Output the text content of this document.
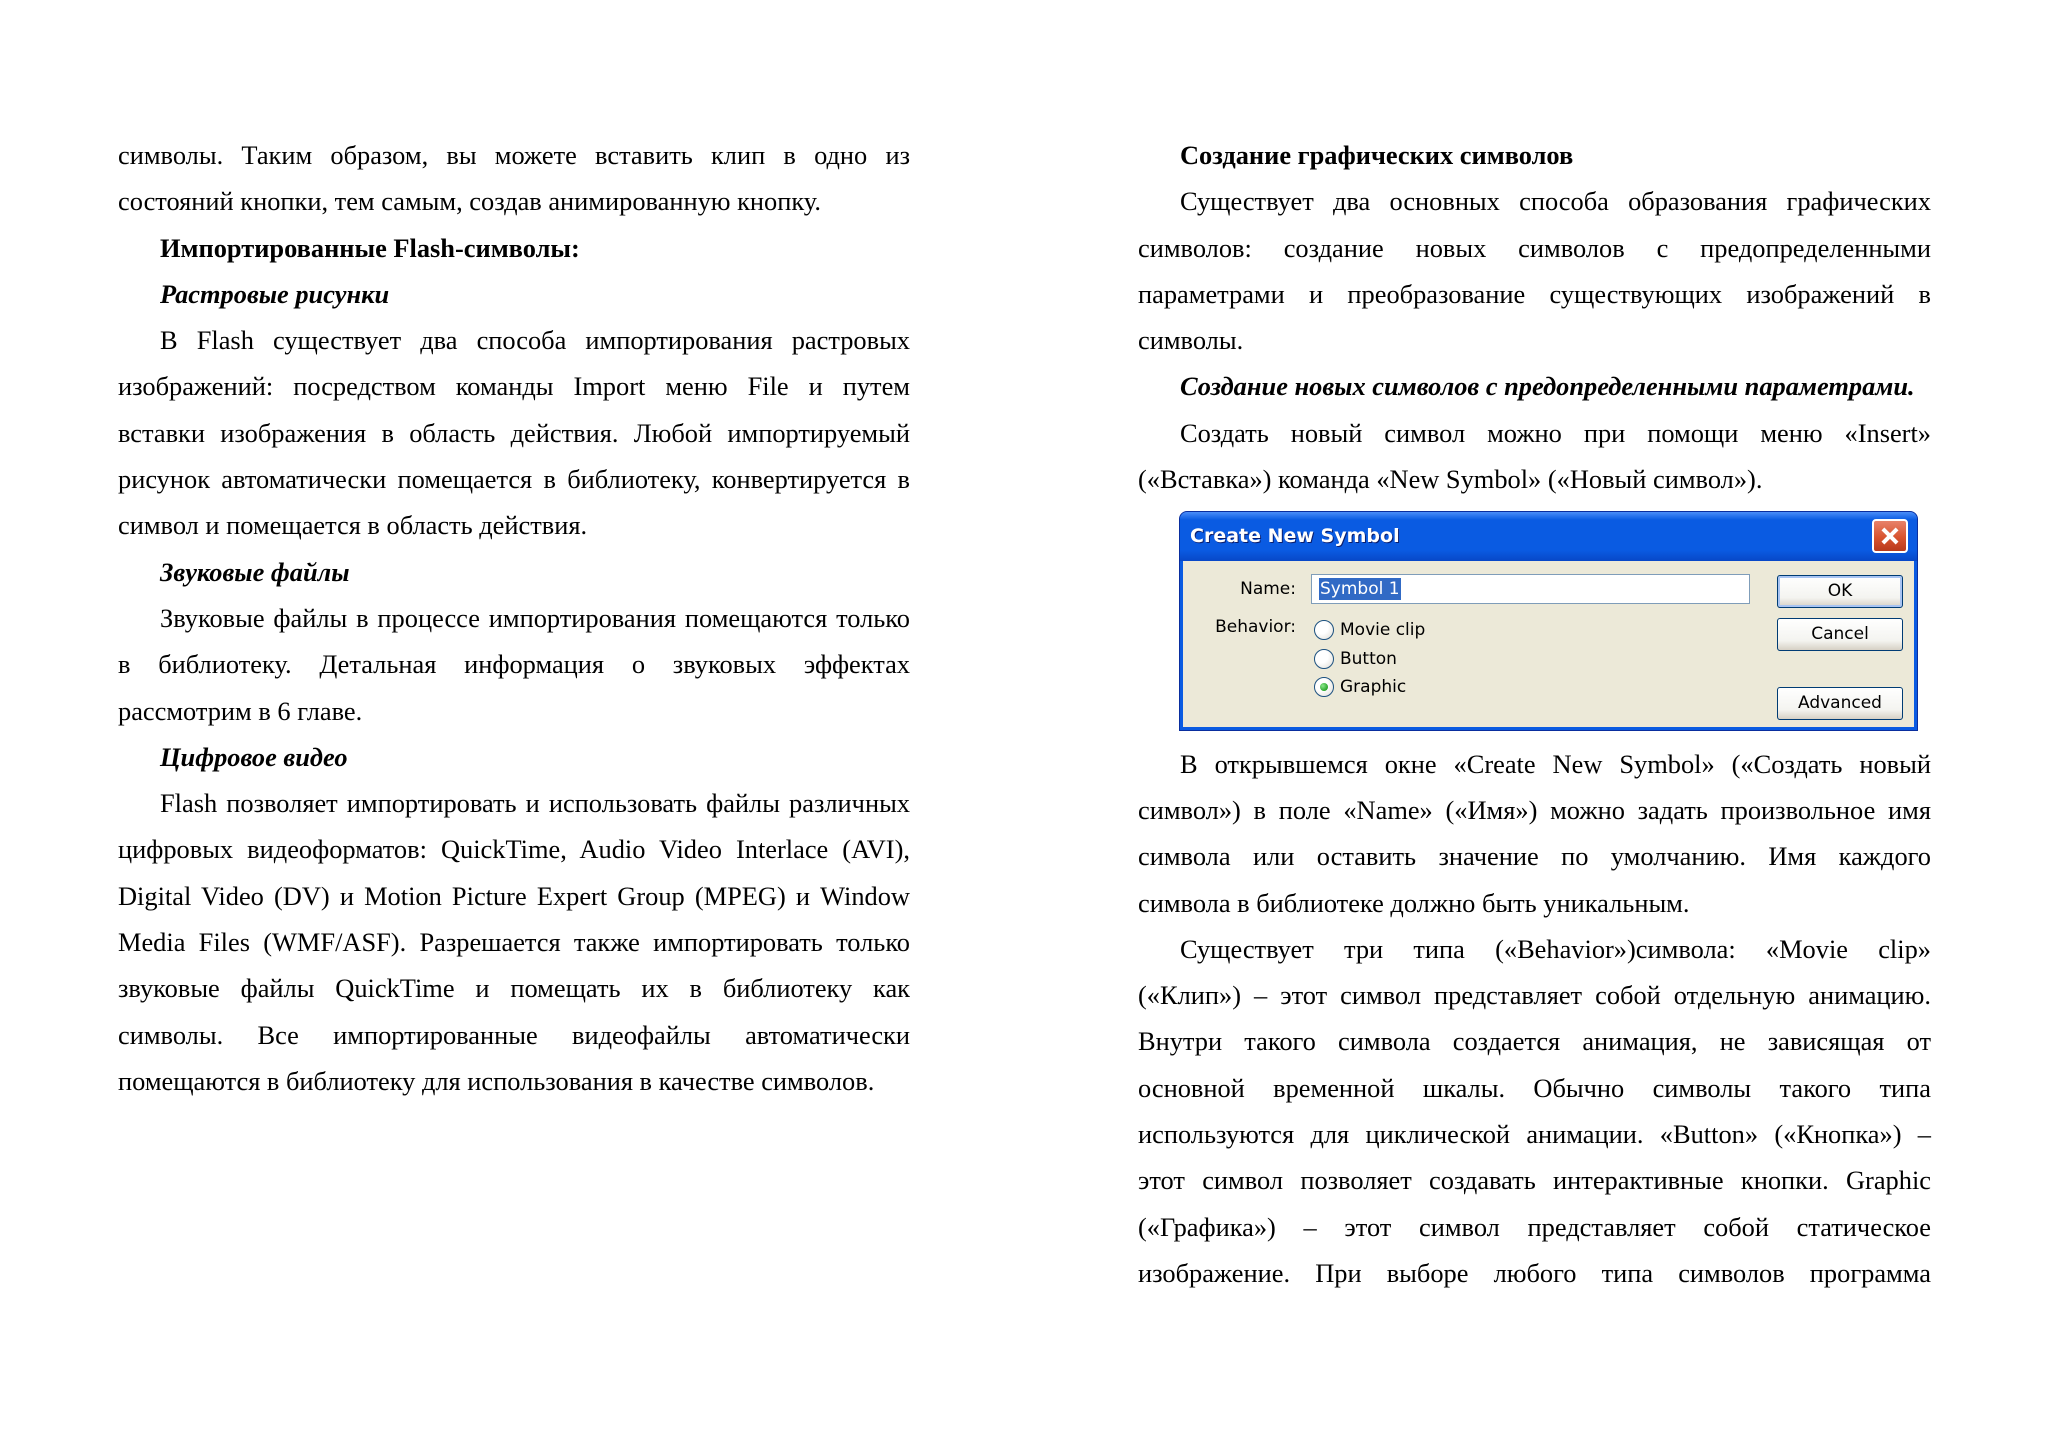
символы. Таким образом, вы можете вставить клип в одно из
состояний кнопки, тем самым, создав анимированную кнопку.
Импортированные Flash-символы:
Растровые рисунки
В Flash существует два способа импортирования растровых
изображений: посредством команды Import меню File и путем
вставки изображения в область действия. Любой импортируемый
рисунок автоматически помещается в библиотеку, конвертируется в
символ и помещается в область действия.
Звуковые файлы
Звуковые файлы в процессе импортирования помещаются только
в библиотеку. Детальная информация о звуковых эффектах
рассмотрим в 6 главе.
Цифровое видео
Flash позволяет импортировать и использовать файлы различных
цифровых видеоформатов: QuickTime, Audio Video Interlace (AVI),
Digital Video (DV) и Motion Picture Expert Group (MPEG) и Window
Media Files (WMF/ASF). Разрешается также импортировать только
звуковые файлы QuickTime и помещать их в библиотеку как
символы. Все импортированные видеофайлы автоматически
помещаются в библиотеку для использования в качестве символов.
Создание графических символов
Существует два основных способа образования графических
символов: создание новых символов с предопределенными
параметрами и преобразование существующих изображений в
символы.
Создание новых символов с предопределенными параметрами.
Создать новый символ можно при помощи меню «Insert»
(«Вставка») команда «New Symbol» («Новый символ»).
Create New Symbol
Name: Symbol 1
Behavior:	Movie clip
Button
Graphic
OK
Cancel
Advanced
В открывшемся окне «Create New Symbol» («Создать новый
символ») в поле «Name» («Имя») можно задать произвольное имя
символа или оставить значение по умолчанию. Имя каждого
символа в библиотеке должно быть уникальным.
Существует три типа («Behavior»)символа: «Movie clip»
(«Клип») – этот символ представляет собой отдельную анимацию.
Внутри такого символа создается анимация, не зависящая от
основной временной шкалы. Обычно символы такого типа
используются для циклической анимации. «Button» («Кнопка») –
этот символ позволяет создавать интерактивные кнопки. Graphic
(«Графика») – этот символ представляет собой статическое
изображение. При выборе любого типа символов программа
